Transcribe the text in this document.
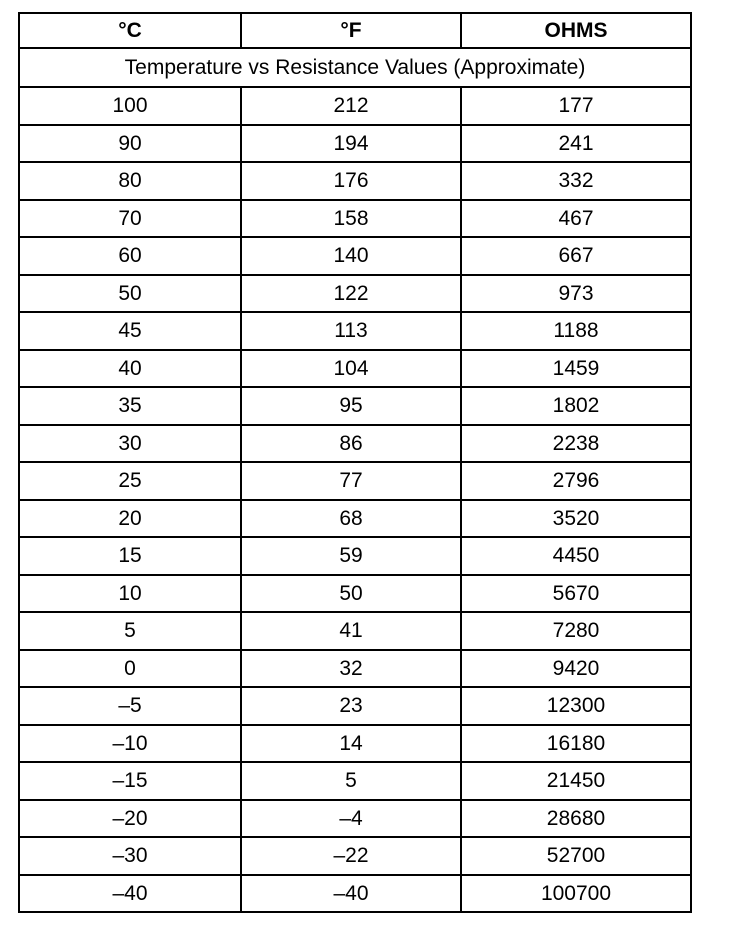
°C	°F	OHMS
Temperature vs Resistance Values (Approximate)		
100	212	177
90	194	241
80	176	332
70	158	467
60	140	667
50	122	973
45	113	1188
40	104	1459
35	95	1802
30	86	2238
25	77	2796
20	68	3520
15	59	4450
10	50	5670
5	41	7280
0	32	9420
–5	23	12300
–10	14	16180
–15	5	21450
–20	–4	28680
–30	–22	52700
–40	–40	100700
